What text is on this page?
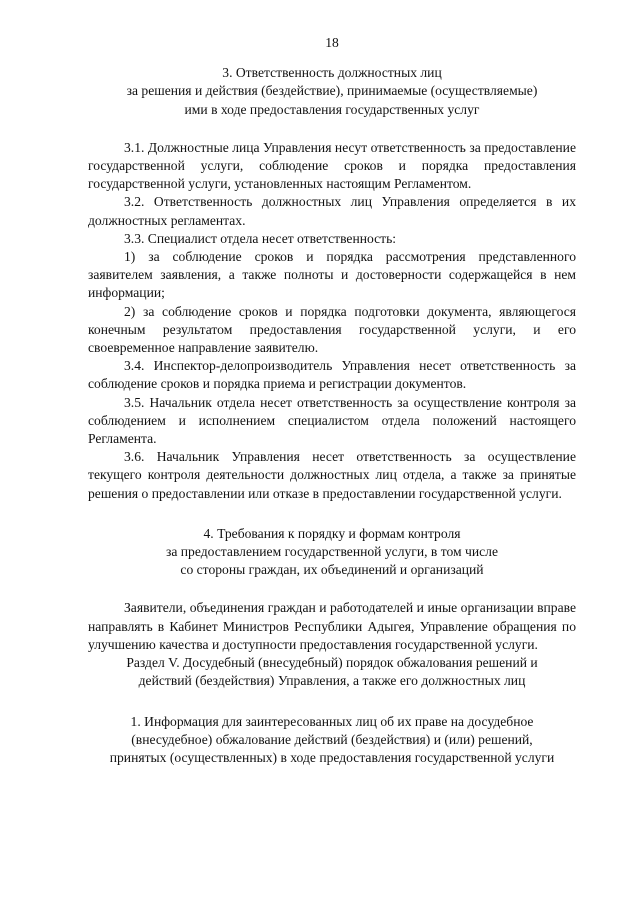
18
3. Ответственность должностных лиц
за решения и действия (бездействие), принимаемые (осуществляемые)
ими в ходе предоставления государственных услуг

3.1. Должностные лица Управления несут ответственность за предоставление государственной услуги, соблюдение сроков и порядка предоставления государственной услуги, установленных настоящим Регламентом.

3.2. Ответственность должностных лиц Управления определяется в их должностных регламентах.

3.3. Специалист отдела несет ответственность:

1) за соблюдение сроков и порядка рассмотрения представленного заявителем заявления, а также полноты и достоверности содержащейся в нем информации;

2) за соблюдение сроков и порядка подготовки документа, являющегося конечным результатом предоставления государственной услуги, и его своевременное направление заявителю.

3.4. Инспектор-делопроизводитель Управления несет ответственность за соблюдение сроков и порядка приема и регистрации документов.

3.5. Начальник отдела несет ответственность за осуществление контроля за соблюдением и исполнением специалистом отдела положений настоящего Регламента.

3.6. Начальник Управления несет ответственность за осуществление текущего контроля деятельности должностных лиц отдела, а также за принятые решения о предоставлении или отказе в предоставлении государственной услуги.

4. Требования к порядку и формам контроля
за предоставлением государственной услуги, в том числе
со стороны граждан, их объединений и организаций

Заявители, объединения граждан и работодателей и иные организации вправе направлять в Кабинет Министров Республики Адыгея, Управление обращения по улучшению качества и доступности предоставления государственной услуги.

Раздел V. Досудебный (внесудебный) порядок обжалования решений и
действий (бездействия) Управления, а также его должностных лиц
1. Информация для заинтересованных лиц об их праве на досудебное
(внесудебное) обжалование действий (бездействия) и (или) решений,
принятых (осуществленных) в ходе предоставления государственной услуги
